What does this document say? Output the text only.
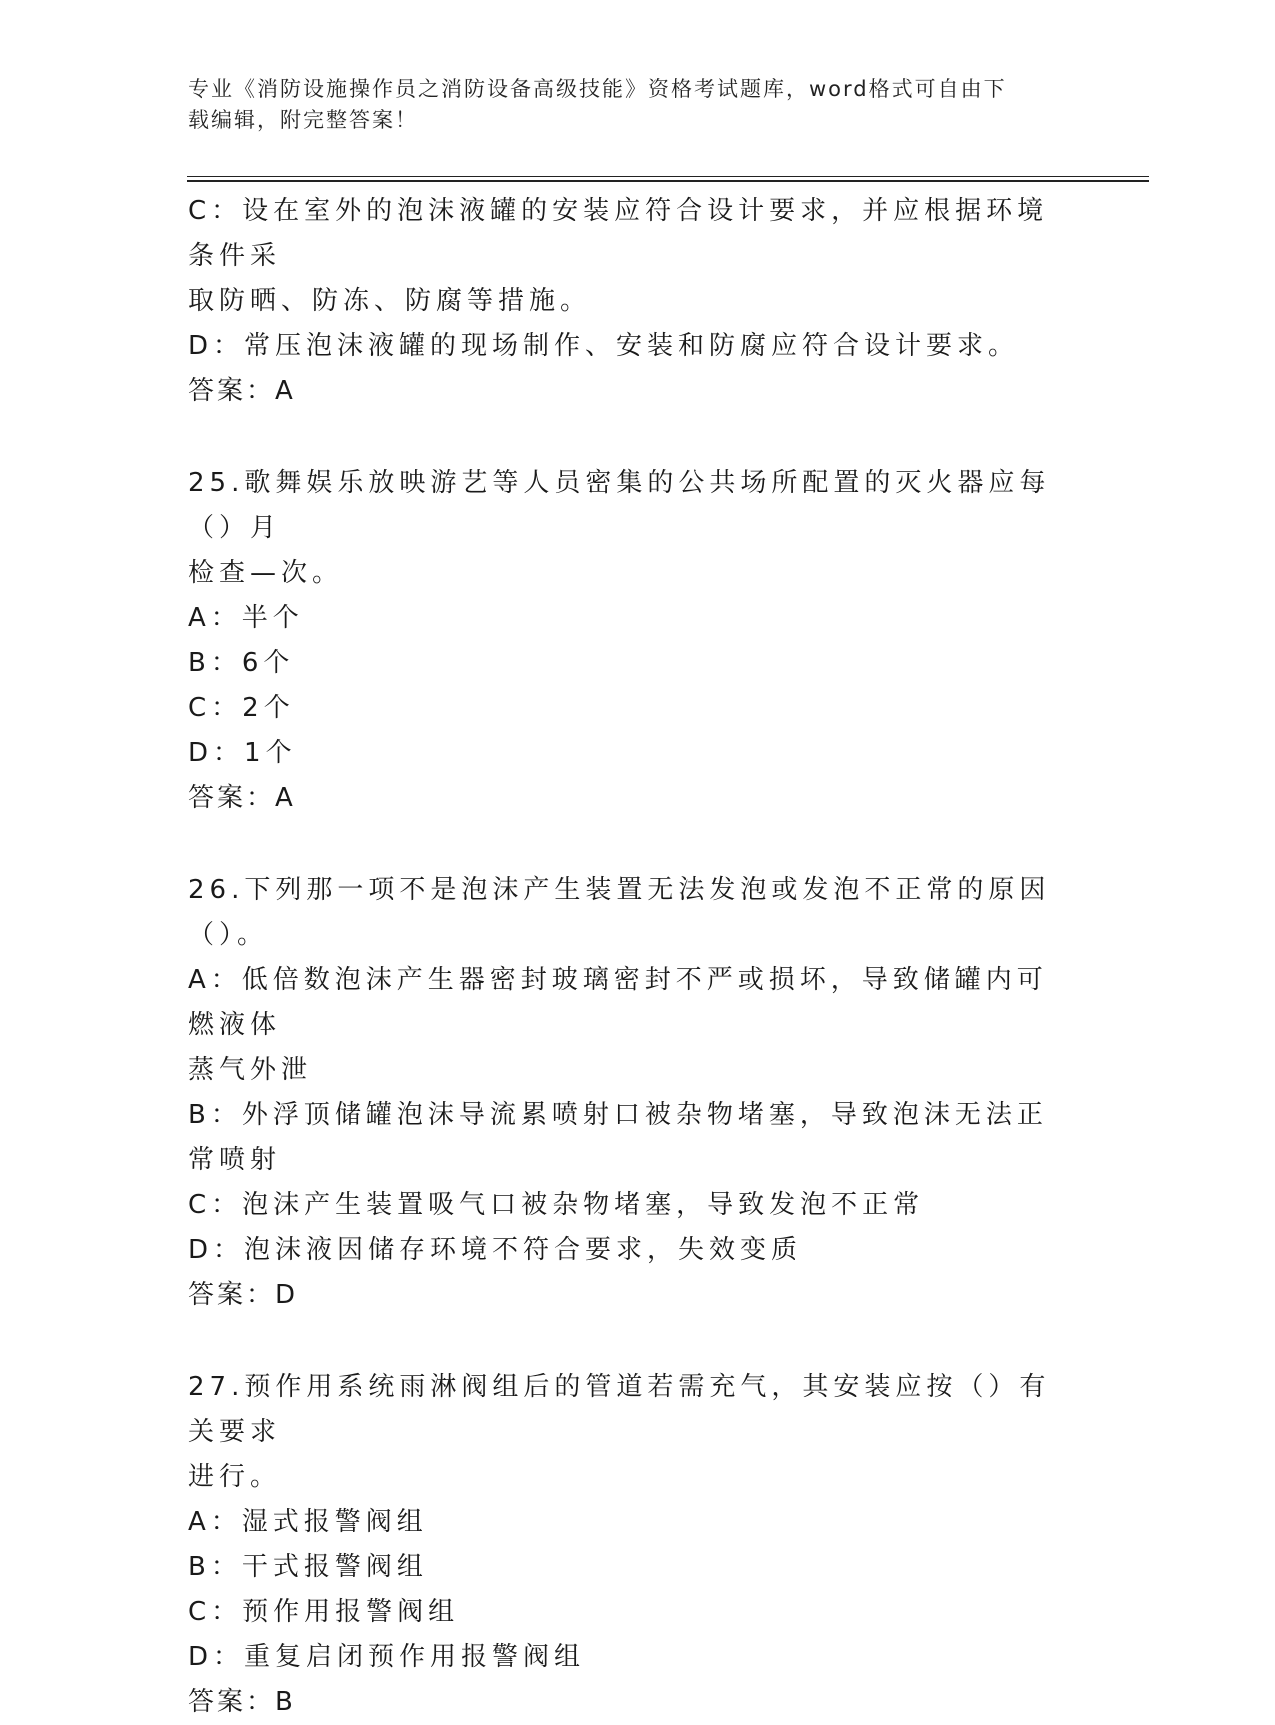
专业《消防设施操作员之消防设备高级技能》资格考试题库，word格式可自由下
载编辑，附完整答案！

C：设在室外的泡沫液罐的安装应符合设计要求，并应根据环境条件采

取防晒、防冻、防腐等措施。

D：常压泡沫液罐的现场制作、安装和防腐应符合设计要求。

答案：A

25.歌舞娱乐放映游艺等人员密集的公共场所配置的灭火器应每（）月

检查—次。

A：半个

B：6个

C：2个

D：1个

答案：A

26.下列那一项不是泡沫产生装置无法发泡或发泡不正常的原因（）。

A：低倍数泡沫产生器密封玻璃密封不严或损坏，导致储罐内可燃液体

蒸气外泄

B：外浮顶储罐泡沫导流累喷射口被杂物堵塞，导致泡沫无法正常喷射

C：泡沫产生装置吸气口被杂物堵塞，导致发泡不正常

D：泡沫液因储存环境不符合要求，失效变质

答案：D

27.预作用系统雨淋阀组后的管道若需充气，其安装应按（）有关要求

进行。

A：湿式报警阀组

B：干式报警阀组

C：预作用报警阀组

D：重复启闭预作用报警阀组

答案：B
